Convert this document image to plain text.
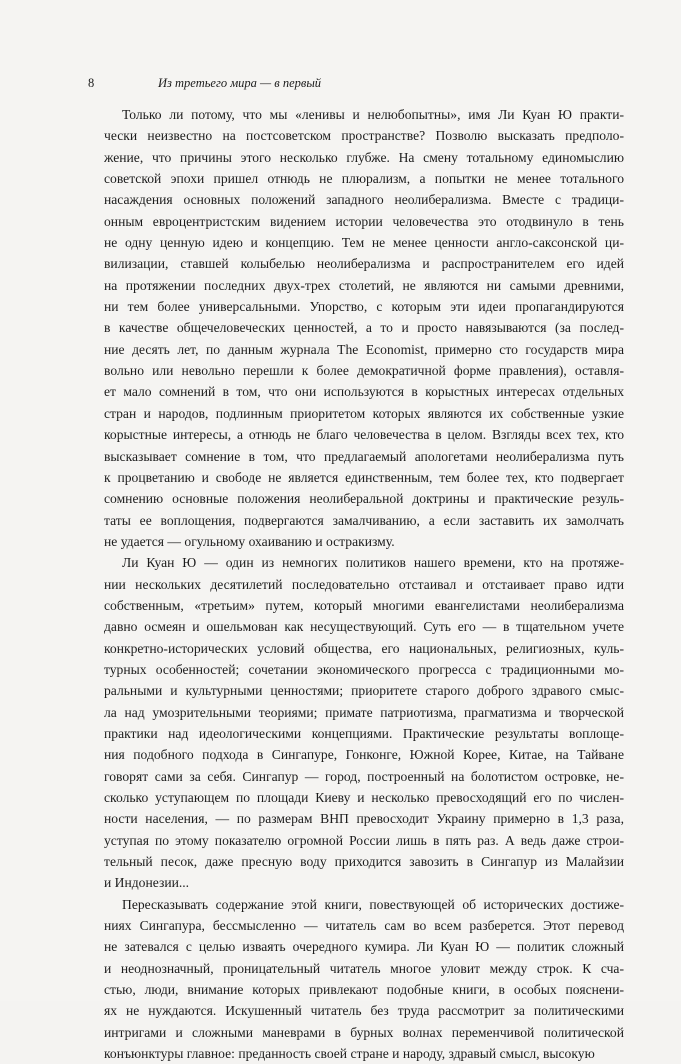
8	Из третьего мира — в первый
Только ли потому, что мы «ленивы и нелюбопытны», имя Ли Куан Ю практи-
чески неизвестно на постсоветском пространстве? Позволю высказать предполо-
жение, что причины этого несколько глубже. На смену тотальному единомыслию
советской эпохи пришел отнюдь не плюрализм, а попытки не менее тотального
насаждения основных положений западного неолиберализма. Вместе с традици-
онным евроцентристским видением истории человечества это отодвинуло в тень
не одну ценную идею и концепцию. Тем не менее ценности англо-саксонской ци-
вилизации, ставшей колыбелью неолиберализма и распространителем его идей
на протяжении последних двух-трех столетий, не являются ни самыми древними,
ни тем более универсальными. Упорство, с которым эти идеи пропагандируются
в качестве общечеловеческих ценностей, а то и просто навязываются (за послед-
ние десять лет, по данным журнала The Economist, примерно сто государств мира
вольно или невольно перешли к более демократичной форме правления), оставля-
ет мало сомнений в том, что они используются в корыстных интересах отдельных
стран и народов, подлинным приоритетом которых являются их собственные узкие
корыстные интересы, а отнюдь не благо человечества в целом. Взгляды всех тех, кто
высказывает сомнение в том, что предлагаемый апологетами неолиберализма путь
к процветанию и свободе не является единственным, тем более тех, кто подвергает
сомнению основные положения неолиберальной доктрины и практические резуль-
таты ее воплощения, подвергаются замалчиванию, а если заставить их замолчать
не удается — огульному охаиванию и остракизму.
Ли Куан Ю — один из немногих политиков нашего времени, кто на протяже-
нии нескольких десятилетий последовательно отстаивал и отстаивает право идти
собственным, «третьим» путем, который многими евангелистами неолиберализма
давно осмеян и ошельмован как несуществующий. Суть его — в тщательном учете
конкретно-исторических условий общества, его национальных, религиозных, куль-
турных особенностей; сочетании экономического прогресса с традиционными мо-
ральными и культурными ценностями; приоритете старого доброго здравого смыс-
ла над умозрительными теориями; примате патриотизма, прагматизма и творческой
практики над идеологическими концепциями. Практические результаты воплоще-
ния подобного подхода в Сингапуре, Гонконге, Южной Корее, Китае, на Тайване
говорят сами за себя. Сингапур — город, построенный на болотистом островке, не-
сколько уступающем по площади Киеву и несколько превосходящий его по числен-
ности населения, — по размерам ВНП превосходит Украину примерно в 1,3 раза,
уступая по этому показателю огромной России лишь в пять раз. А ведь даже строи-
тельный песок, даже пресную воду приходится завозить в Сингапур из Малайзии
и Индонезии...
Пересказывать содержание этой книги, повествующей об исторических достиже-
ниях Сингапура, бессмысленно — читатель сам во всем разберется. Этот перевод
не затевался с целью изваять очередного кумира. Ли Куан Ю — политик сложный
и неоднозначный, проницательный читатель многое уловит между строк. К сча-
стью, люди, внимание которых привлекают подобные книги, в особых пояснени-
ях не нуждаются. Искушенный читатель без труда рассмотрит за политическими
интригами и сложными маневрами в бурных волнах переменчивой политической
конъюнктуры главное: преданность своей стране и народу, здравый смысл, высокую
